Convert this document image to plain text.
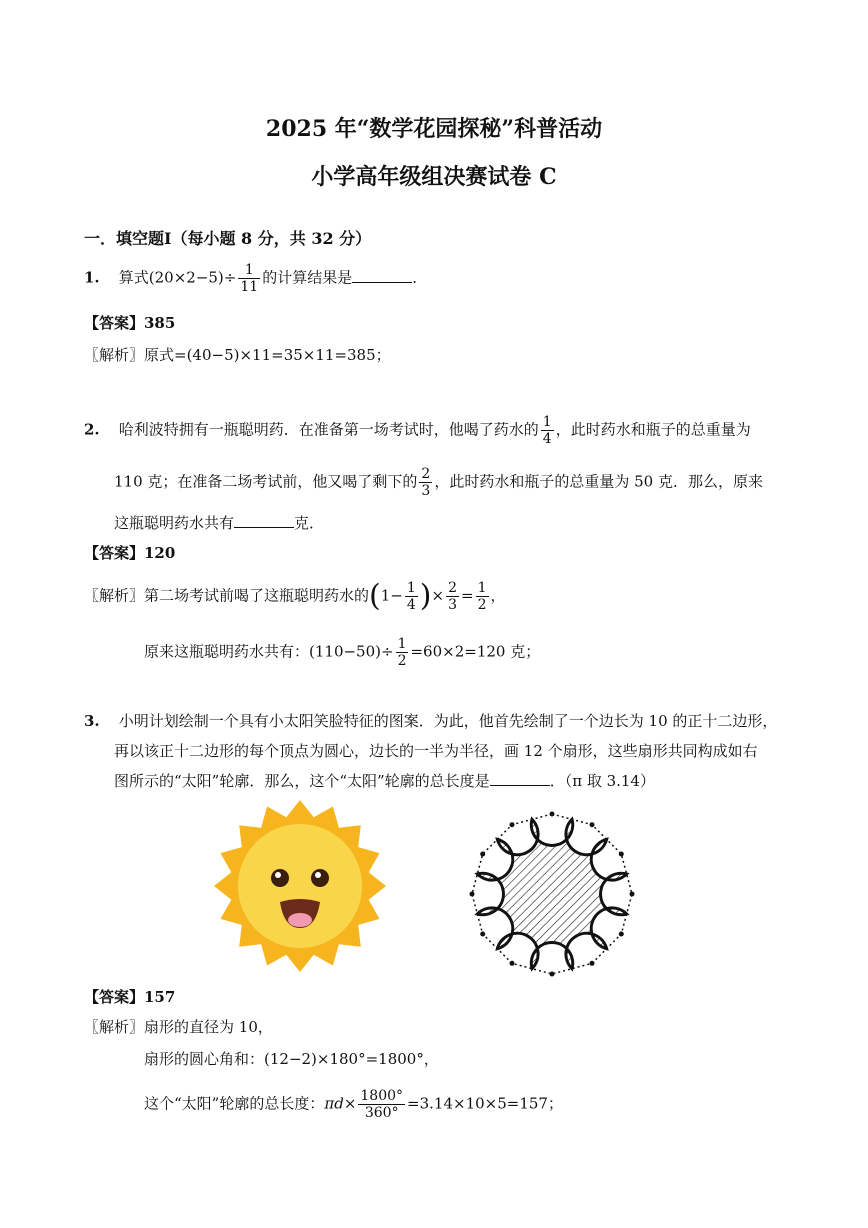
2025 年“数学花园探秘”科普活动
小学高年级组决赛试卷 C
一．填空题I（每小题 8 分，共 32 分）
1. 算式$(20\times 2-5)\div \frac{1}{11}$ 的计算结果是	．
【答案】385
〖解析〗原式=(40−5)×11=35×11=385；
2. 哈利波特拥有一瓶聪明药．在准备第一场考试时，他喝了药水的 $\frac{1}{4}$ ，此时药水和瓶子的总重量为
110 克；在准备二场考试前，他又喝了剩下的 $\frac{2}{3}$ ，此时药水和瓶子的总重量为 50 克．那么，原来
这瓶聪明药水共有	克．
【答案】120
〖解析〗第二场考试前喝了这瓶聪明药水的($1- \frac{1}{4}$ )× $\frac{2}{3} = \frac{1}{2}$ ，
原来这瓶聪明药水共有：$(110-50)\div \frac{1}{2} =60\times 2=120$ 克；
3. 小明计划绘制一个具有小太阳笑脸特征的图案．为此，他首先绘制了一个边长为 10 的正十二边形，
再以该正十二边形的每个顶点为圆心，边长的一半为半径，画 12 个扇形，这些扇形共同构成如右
图所示的“太阳”轮廓．那么，这个“太阳”轮廓的总长度是	．（π 取 3.14）
【答案】157
〖解析〗扇形的直径为 10，
扇形的圆心角和：(12−2)×180°=1800°，
这个“太阳”轮廓的总长度：$\pi d\times \frac{1800^\circ}{360^\circ} =3.14\times 10\times 5=157$；
